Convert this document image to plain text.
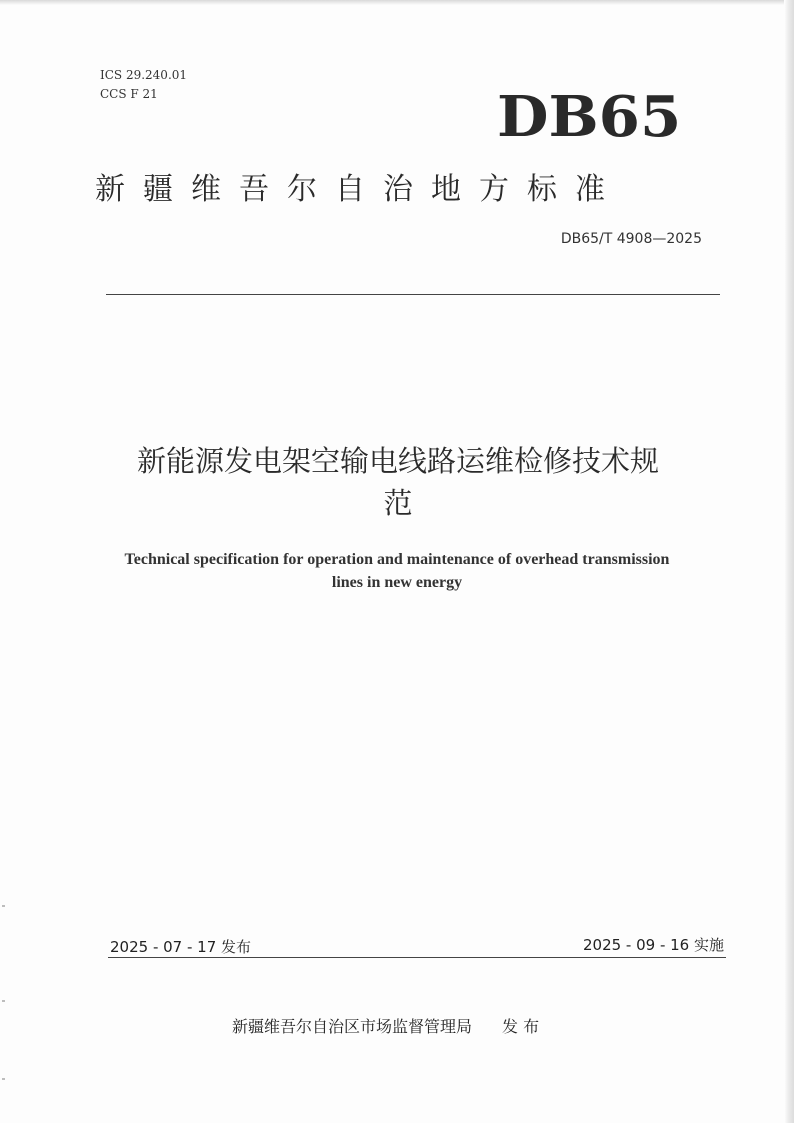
ICS 29.240.01
CCS F 21	DB65
新疆维吾尔自治地方标准
DB65/T 4908—2025
新能源发电架空输电线路运维检修技术规
范
Technical specification for operation and maintenance of overhead transmission
lines in new energy
2025 - 07 - 17 发布	2025 - 09 - 16 实施
新疆维吾尔自治区市场监督管理局 发 布
